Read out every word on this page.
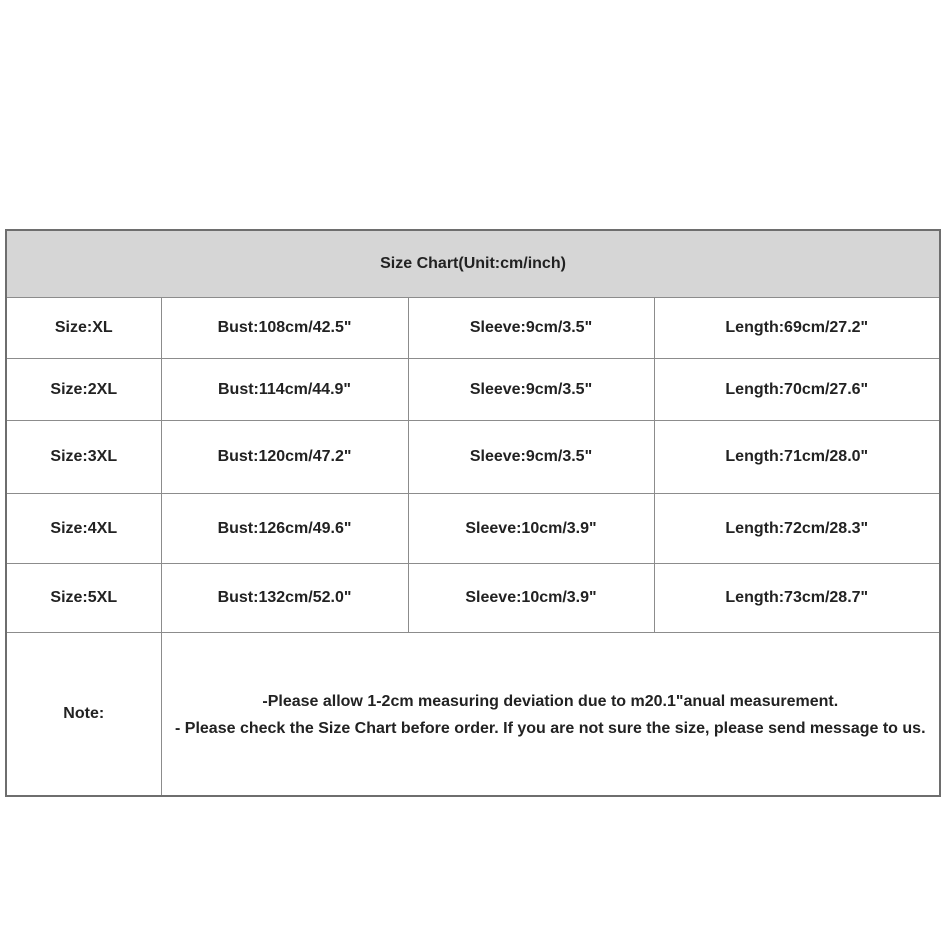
Size Chart(Unit:cm/inch)			
Size:XL	Bust:108cm/42.5"	Sleeve:9cm/3.5"	Length:69cm/27.2"
Size:2XL	Bust:114cm/44.9"	Sleeve:9cm/3.5"	Length:70cm/27.6"
Size:3XL	Bust:120cm/47.2"	Sleeve:9cm/3.5"	Length:71cm/28.0"
Size:4XL	Bust:126cm/49.6"	Sleeve:10cm/3.9"	Length:72cm/28.3"
Size:5XL	Bust:132cm/52.0"	Sleeve:10cm/3.9"	Length:73cm/28.7"
Note:	-Please allow 1-2cm measuring deviation due to m20.1"anual measurement.
- Please check the Size Chart before order. If you are not sure the size, please send message to us.		
